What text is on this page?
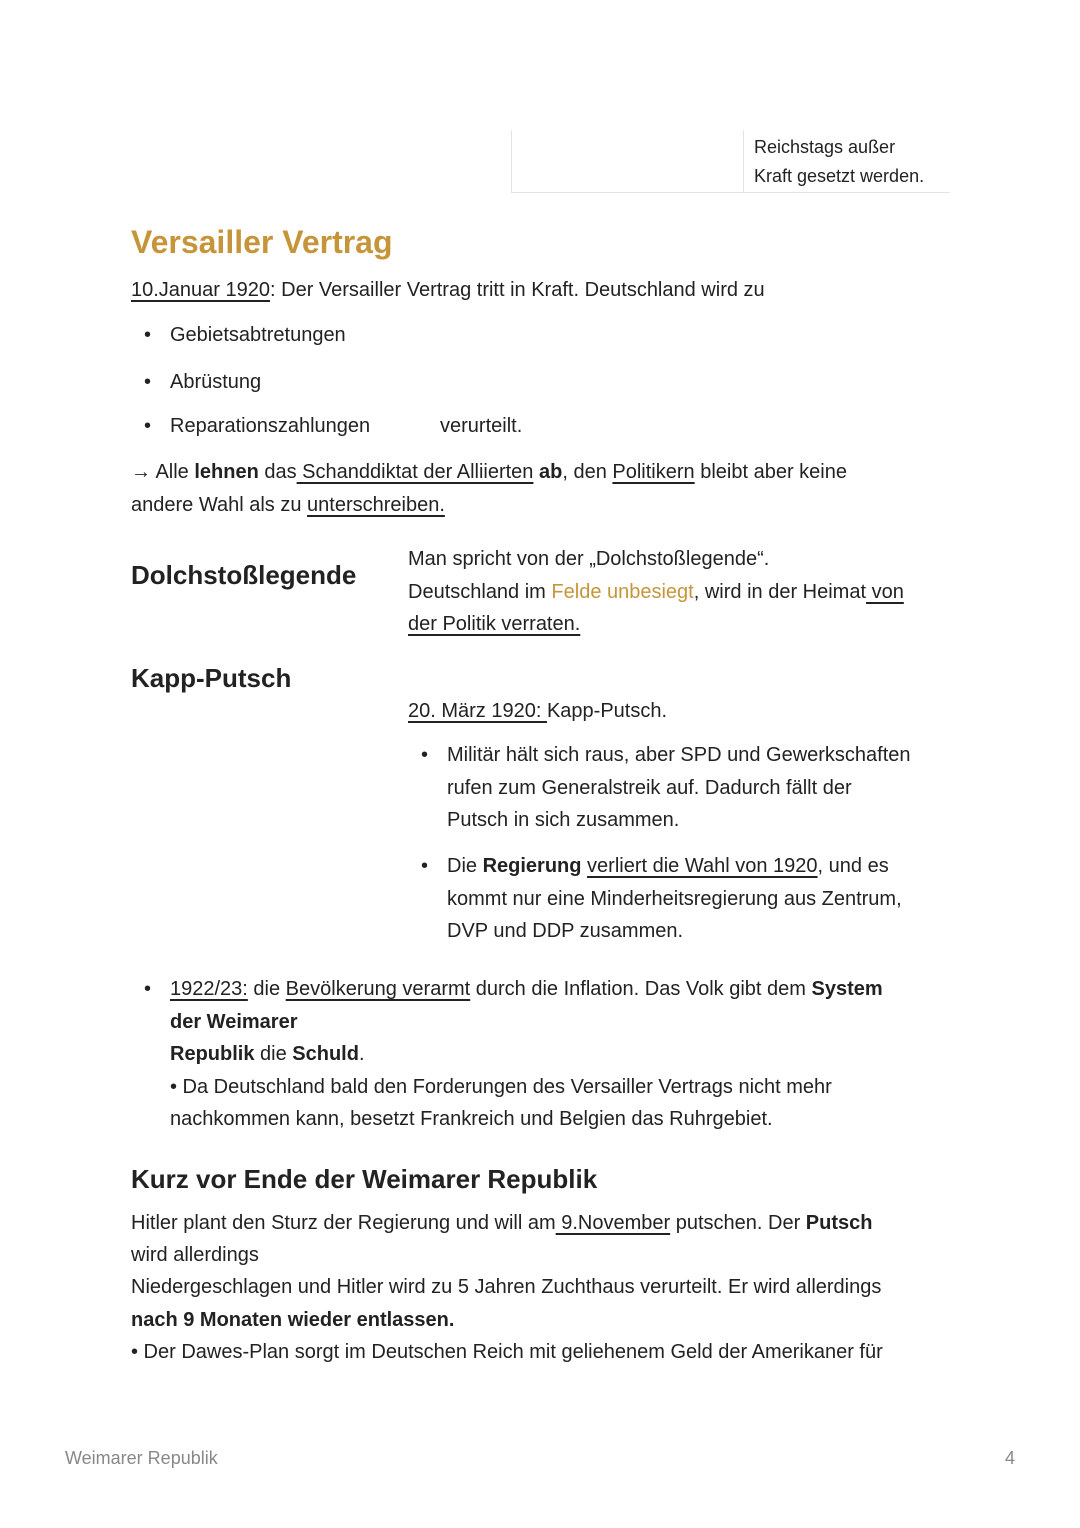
Reichstags außer
Kraft gesetzt werden.
Versailler Vertrag

10.Januar 1920: Der Versailler Vertrag tritt in Kraft. Deutschland wird zu

• Gebietsabtretungen

• Abrüstung

• Reparationszahlungen	verurteilt.

→ Alle lehnen das Schanddiktat der Alliierten ab, den Politikern bleibt aber keine

andere Wahl als zu unterschreiben.

Dolchstoßlegende

Man spricht von der „Dolchstoßlegende“.

Deutschland im Felde unbesiegt, wird in der Heimat von

der Politik verraten.

Kapp-Putsch

20. März 1920: Kapp-Putsch.

• Militär hält sich raus, aber SPD und Gewerkschaften

rufen zum Generalstreik auf. Dadurch fällt der

Putsch in sich zusammen.

• Die Regierung verliert die Wahl von 1920, und es

kommt nur eine Minderheitsregierung aus Zentrum,

DVP und DDP zusammen.

• 1922/23: die Bevölkerung verarmt durch die Inflation. Das Volk gibt dem System

der Weimarer

Republik die Schuld.

• Da Deutschland bald den Forderungen des Versailler Vertrags nicht mehr

nachkommen kann, besetzt Frankreich und Belgien das Ruhrgebiet.

Kurz vor Ende der Weimarer Republik

Hitler plant den Sturz der Regierung und will am 9.November putschen. Der Putsch

wird allerdings

Niedergeschlagen und Hitler wird zu 5 Jahren Zuchthaus verurteilt. Er wird allerdings

nach 9 Monaten wieder entlassen.

• Der Dawes-Plan sorgt im Deutschen Reich mit geliehenem Geld der Amerikaner für

Weimarer Republik	4
